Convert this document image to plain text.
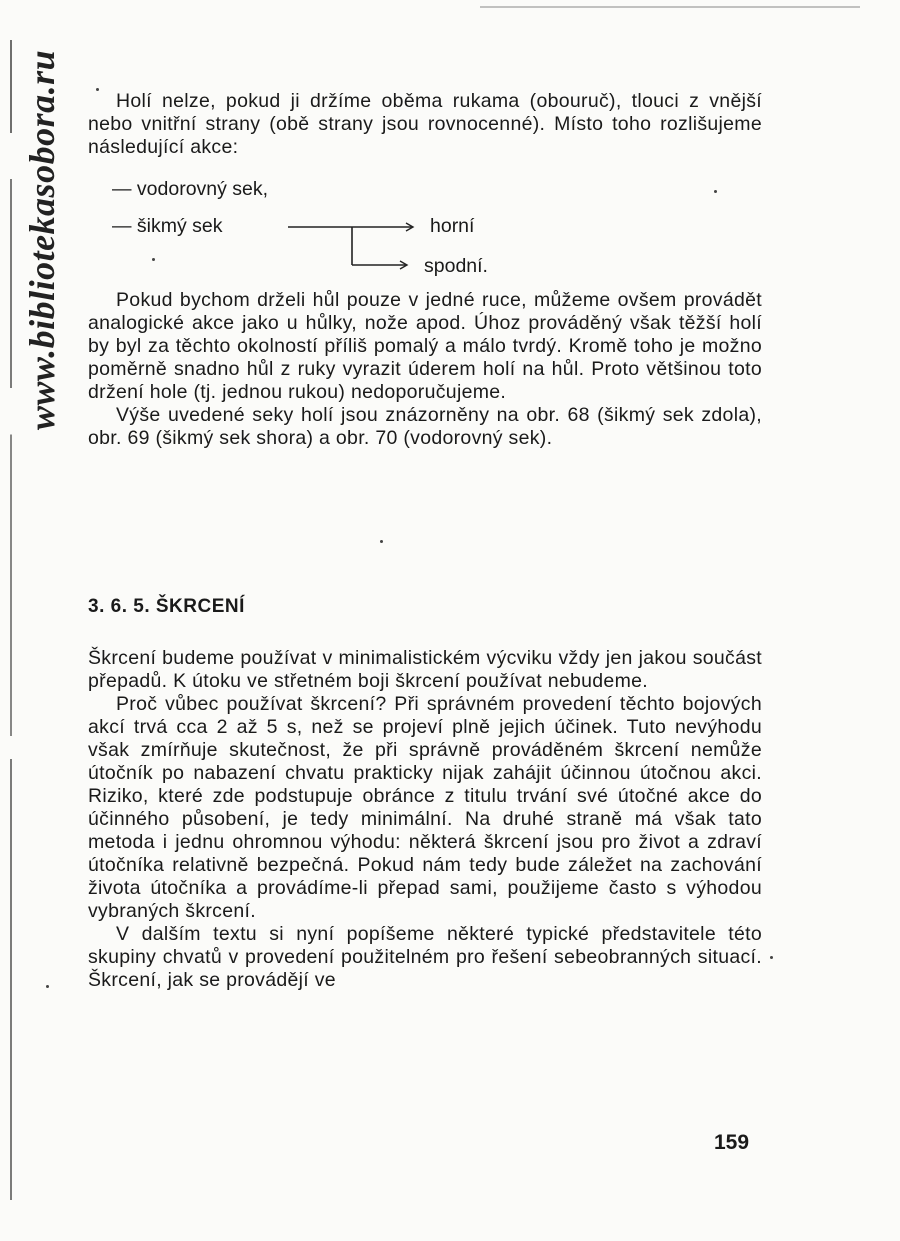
www.bibliotekasobora.ru	Holí nelze, pokud ji držíme oběma rukama (obouruč), tlouci z vnější nebo vnitřní strany (obě strany jsou rovnocenné). Místo toho rozlišujeme následující akce:

— vodorovný sek,
— šikmý sek	horní
spodní.

Pokud bychom drželi hůl pouze v jedné ruce, můžeme ovšem provádět analogické akce jako u hůlky, nože apod. Úhoz prováděný však těžší holí by byl za těchto okolností příliš pomalý a málo tvrdý. Kromě toho je možno poměrně snadno hůl z ruky vyrazit úderem holí na hůl. Proto většinou toto držení hole (tj. jednou rukou) nedoporučujeme.

Výše uvedené seky holí jsou znázorněny na obr. 68 (šikmý sek zdola), obr. 69 (šikmý sek shora) a obr. 70 (vodorovný sek).

3. 6. 5. ŠKRCENÍ

Škrcení budeme používat v minimalistickém výcviku vždy jen jakou součást přepadů. K útoku ve střetném boji škrcení používat nebudeme.

Proč vůbec používat škrcení? Při správném provedení těchto bojových akcí trvá cca 2 až 5 s, než se projeví plně jejich účinek. Tuto nevýhodu však zmírňuje skutečnost, že při správně prováděném škrcení nemůže útočník po nabazení chvatu prakticky nijak zahájit účinnou útočnou akci. Riziko, které zde podstupuje obránce z titulu trvání své útočné akce do účinného působení, je tedy minimální. Na druhé straně má však tato metoda i jednu ohromnou výhodu: některá škrcení jsou pro život a zdraví útočníka relativně bezpečná. Pokud nám tedy bude záležet na zachování života útočníka a provádíme-li přepad sami, použijeme často s výhodou vybraných škrcení.

V dalším textu si nyní popíšeme některé typické představitele této skupiny chvatů v provedení použitelném pro řešení sebeobranných situací. Škrcení, jak se provádějí ve

159
